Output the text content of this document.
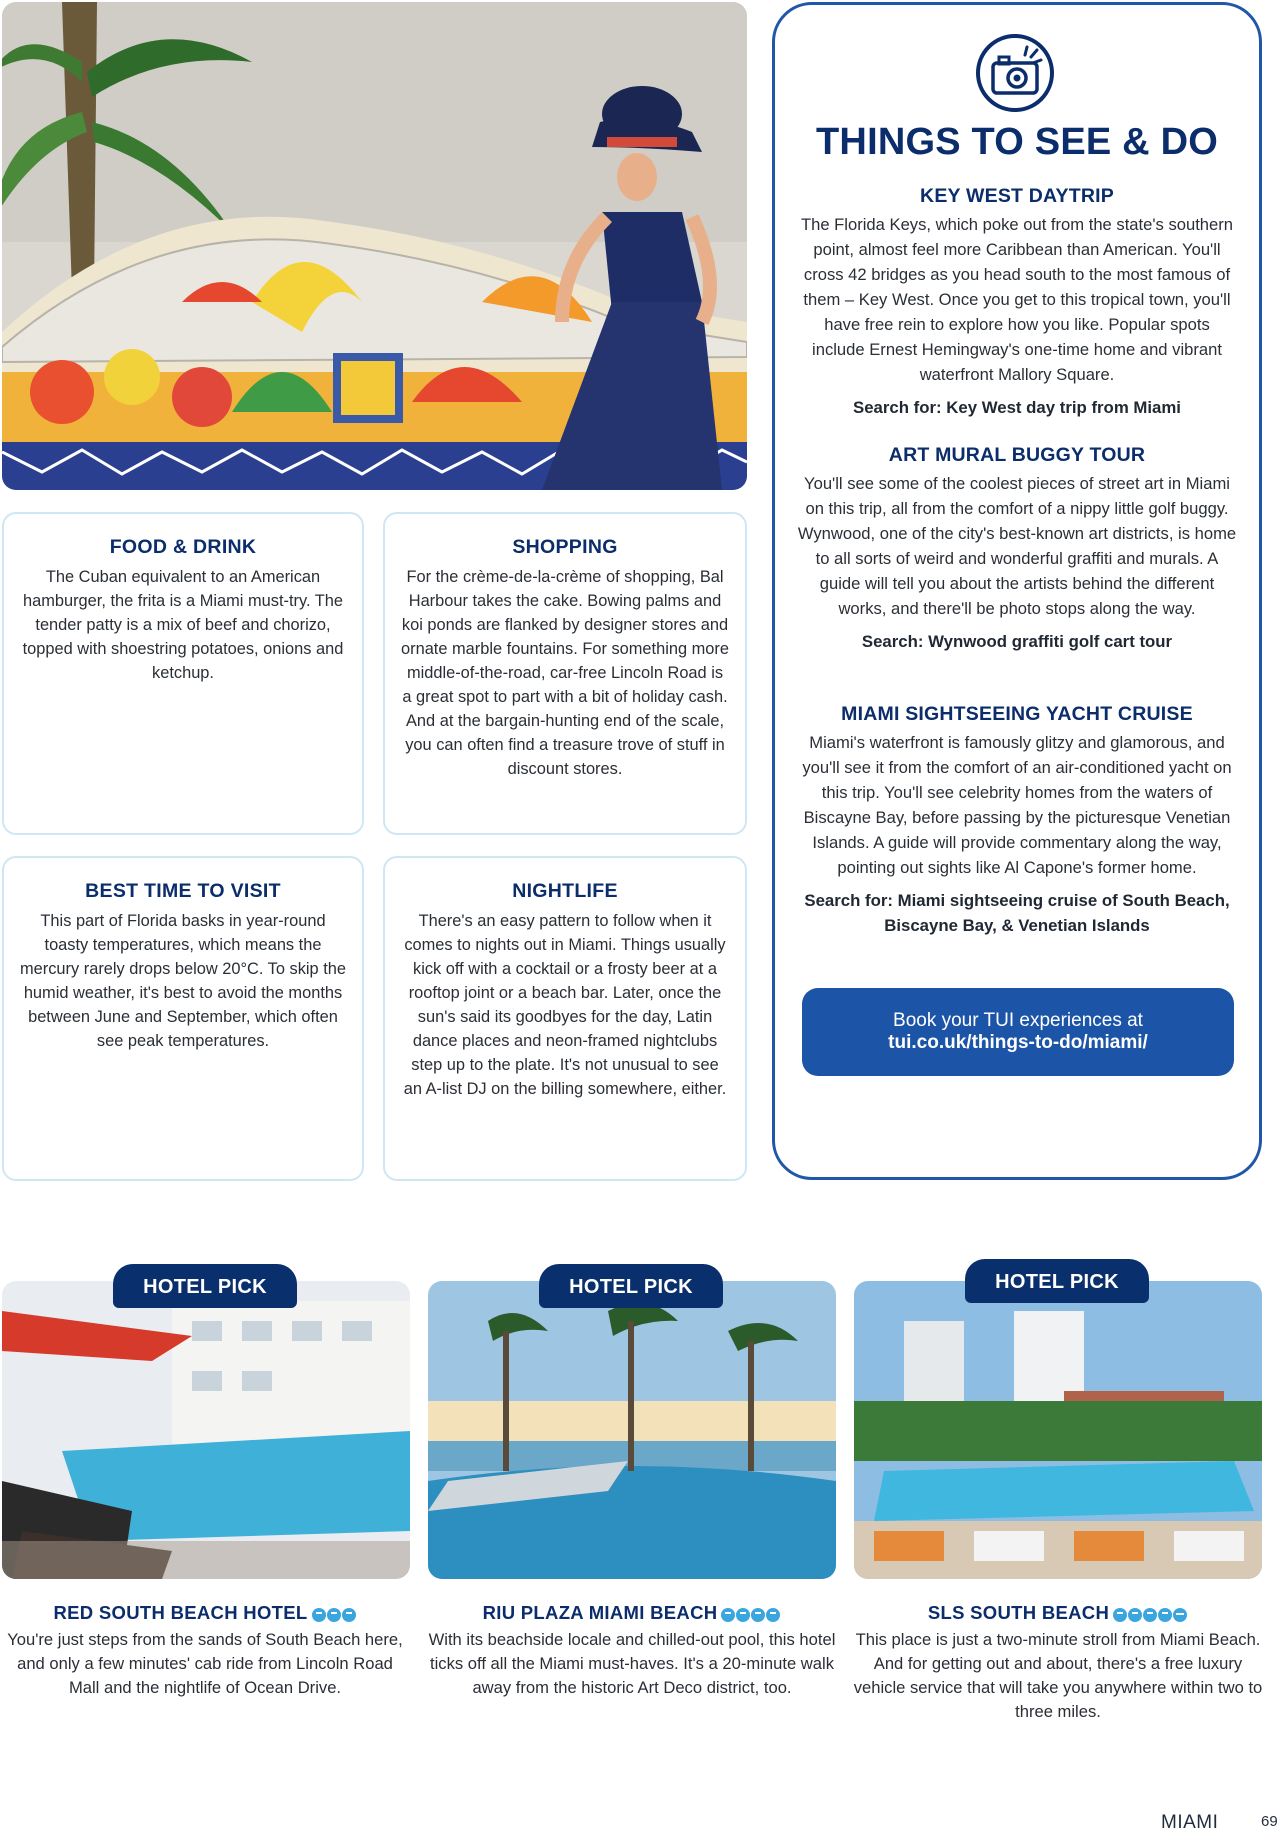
FOOD & DRINK

The Cuban equivalent to an American hamburger, the frita is a Miami must-try. The tender patty is a mix of beef and chorizo, topped with shoestring potatoes, onions and ketchup.

SHOPPING

For the crème-de-la-crème of shopping, Bal Harbour takes the cake. Bowing palms and koi ponds are flanked by designer stores and ornate marble fountains. For something more middle-of-the-road, car-free Lincoln Road is a great spot to part with a bit of holiday cash. And at the bargain-hunting end of the scale, you can often find a treasure trove of stuff in discount stores.

BEST TIME TO VISIT

This part of Florida basks in year-round toasty temperatures, which means the mercury rarely drops below 20°C. To skip the humid weather, it's best to avoid the months between June and September, which often see peak temperatures.

NIGHTLIFE

There's an easy pattern to follow when it comes to nights out in Miami. Things usually kick off with a cocktail or a frosty beer at a rooftop joint or a beach bar. Later, once the sun's said its goodbyes for the day, Latin dance places and neon-framed nightclubs step up to the plate. It's not unusual to see an A-list DJ on the billing somewhere, either.

THINGS TO SEE & DO
KEY WEST DAYTRIP

The Florida Keys, which poke out from the state's southern point, almost feel more Caribbean than American. You'll cross 42 bridges as you head south to the most famous of them – Key West. Once you get to this tropical town, you'll have free rein to explore how you like. Popular spots include Ernest Hemingway's one-time home and vibrant waterfront Mallory Square.

Search for: Key West day trip from Miami

ART MURAL BUGGY TOUR

You'll see some of the coolest pieces of street art in Miami on this trip, all from the comfort of a nippy little golf buggy. Wynwood, one of the city's best-known art districts, is home to all sorts of weird and wonderful graffiti and murals. A guide will tell you about the artists behind the different works, and there'll be photo stops along the way.

Search: Wynwood graffiti golf cart tour

MIAMI SIGHTSEEING YACHT CRUISE

Miami's waterfront is famously glitzy and glamorous, and you'll see it from the comfort of an air-conditioned yacht on this trip. You'll see celebrity homes from the waters of Biscayne Bay, before passing by the picturesque Venetian Islands. A guide will provide commentary along the way, pointing out sights like Al Capone's former home.

Search for: Miami sightseeing cruise of South Beach, Biscayne Bay, & Venetian Islands

Book your TUI experiences at
tui.co.uk/things-to-do/miami/
HOTEL PICK	HOTEL PICK	HOTEL PICK
RED SOUTH BEACH HOTEL

You're just steps from the sands of South Beach here, and only a few minutes' cab ride from Lincoln Road Mall and the nightlife of Ocean Drive.

RIU PLAZA MIAMI BEACH

With its beachside locale and chilled-out pool, this hotel ticks off all the Miami must-haves. It's a 20-minute walk away from the historic Art Deco district, too.

SLS SOUTH BEACH

This place is just a two-minute stroll from Miami Beach. And for getting out and about, there's a free luxury vehicle service that will take you anywhere within two to three miles.

MIAMI	69
